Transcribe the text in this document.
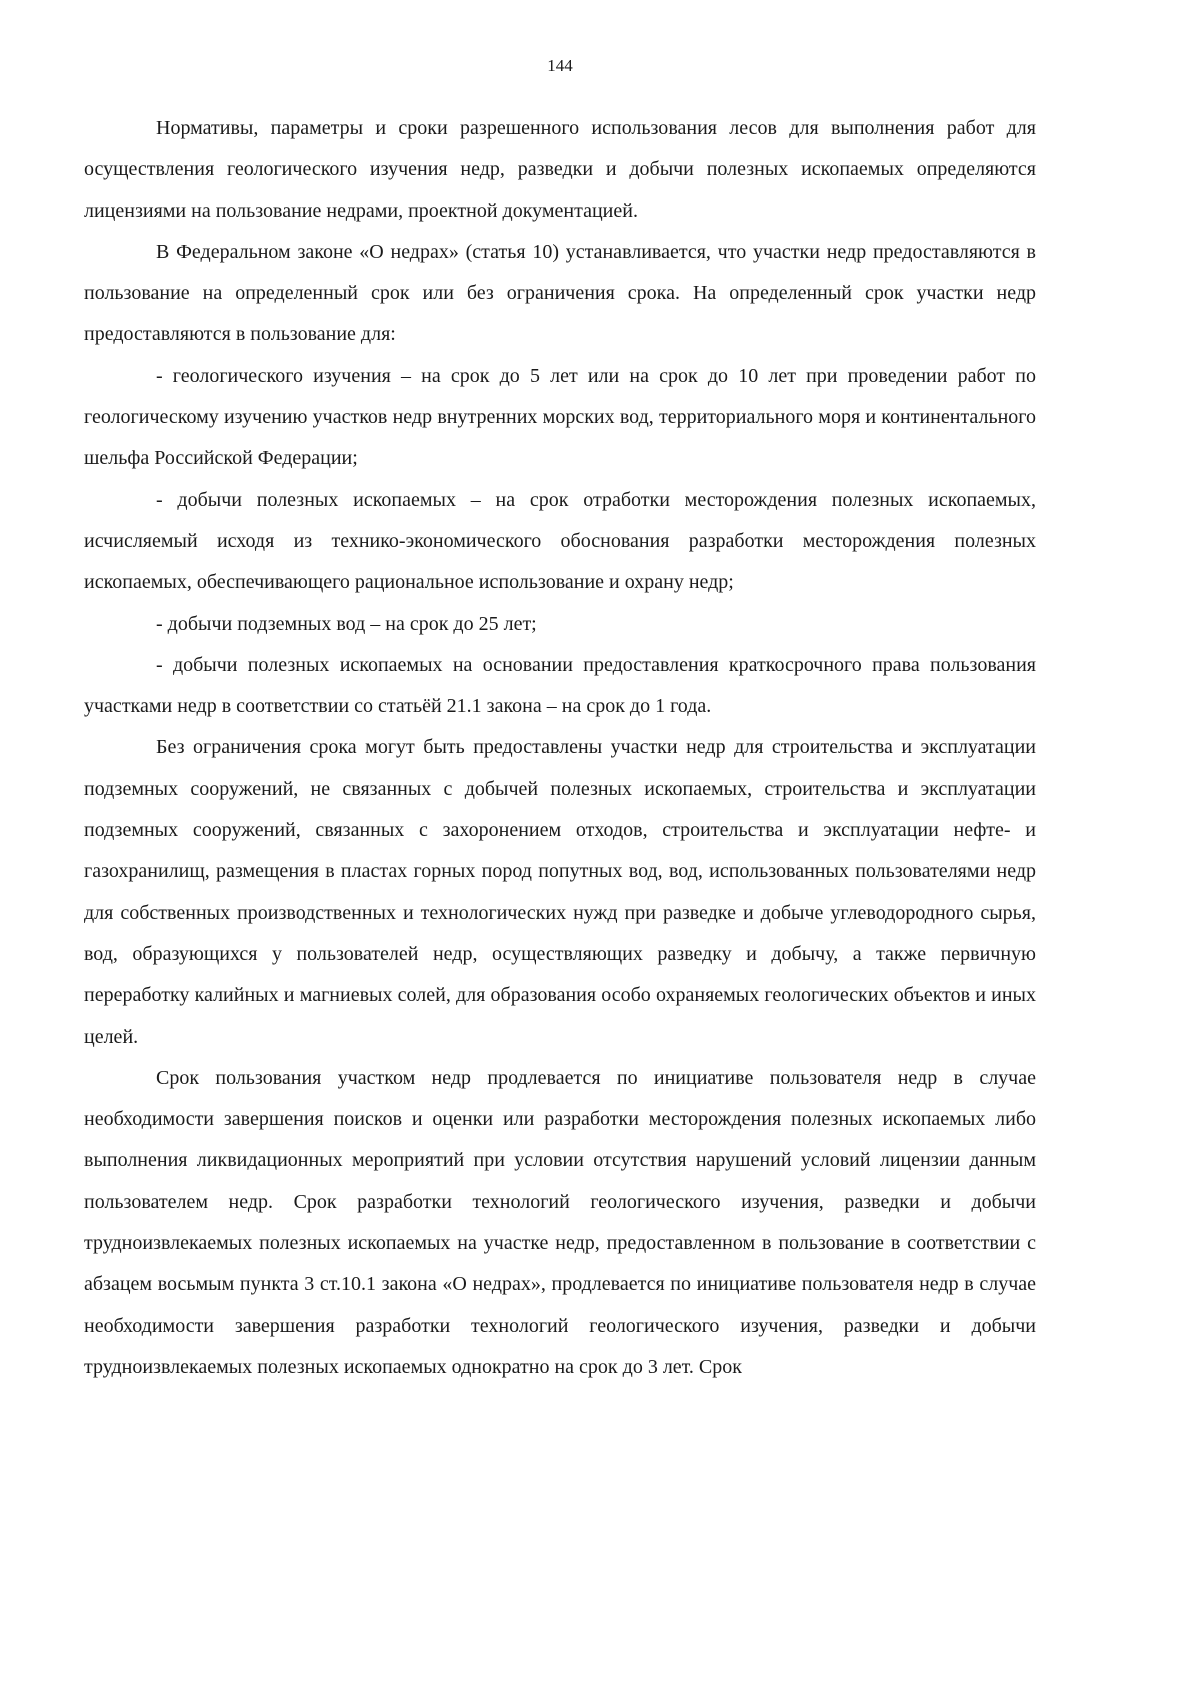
144

Нормативы, параметры и сроки разрешенного использования лесов для выполнения работ для осуществления геологического изучения недр, разведки и добычи полезных ископаемых определяются лицензиями на пользование недрами, проектной документацией.

В Федеральном законе «О недрах» (статья 10) устанавливается, что участки недр предоставляются в пользование на определенный срок или без ограничения срока. На определенный срок участки недр предоставляются в пользование для:

- геологического изучения – на срок до 5 лет или на срок до 10 лет при проведении работ по геологическому изучению участков недр внутренних морских вод, территориального моря и континентального шельфа Российской Федерации;

- добычи полезных ископаемых – на срок отработки месторождения полезных ископаемых, исчисляемый исходя из технико-экономического обоснования разработки месторождения полезных ископаемых, обеспечивающего рациональное использование и охрану недр;

- добычи подземных вод – на срок до 25 лет;

- добычи полезных ископаемых на основании предоставления краткосрочного права пользования участками недр в соответствии со статьёй 21.1 закона – на срок до 1 года.

Без ограничения срока могут быть предоставлены участки недр для строительства и эксплуатации подземных сооружений, не связанных с добычей полезных ископаемых, строительства и эксплуатации подземных сооружений, связанных с захоронением отходов, строительства и эксплуатации нефте- и газохранилищ, размещения в пластах горных пород попутных вод, вод, использованных пользователями недр для собственных производственных и технологических нужд при разведке и добыче углеводородного сырья, вод, образующихся у пользователей недр, осуществляющих разведку и добычу, а также первичную переработку калийных и магниевых солей, для образования особо охраняемых геологических объектов и иных целей.

Срок пользования участком недр продлевается по инициативе пользователя недр в случае необходимости завершения поисков и оценки или разработки месторождения полезных ископаемых либо выполнения ликвидационных мероприятий при условии отсутствия нарушений условий лицензии данным пользователем недр. Срок разработки технологий геологического изучения, разведки и добычи трудноизвлекаемых полезных ископаемых на участке недр, предоставленном в пользование в соответствии с абзацем восьмым пункта 3 ст.10.1 закона «О недрах», продлевается по инициативе пользователя недр в случае необходимости завершения разработки технологий геологического изучения, разведки и добычи трудноизвлекаемых полезных ископаемых однократно на срок до 3 лет. Срок
